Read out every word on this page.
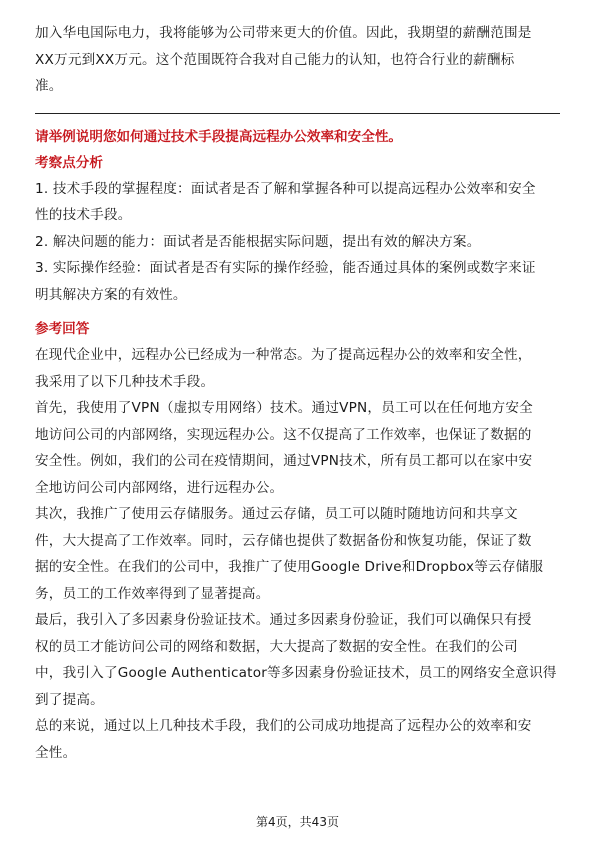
加入华电国际电力，我将能够为公司带来更大的价值。因此，我期望的薪酬范围是

XX万元到XX万元。这个范围既符合我对自己能力的认知，也符合行业的薪酬标

准。

请举例说明您如何通过技术手段提高远程办公效率和安全性。

考察点分析

1. 技术手段的掌握程度：面试者是否了解和掌握各种可以提高远程办公效率和安全

性的技术手段。

2. 解决问题的能力：面试者是否能根据实际问题，提出有效的解决方案。

3. 实际操作经验：面试者是否有实际的操作经验，能否通过具体的案例或数字来证

明其解决方案的有效性。

参考回答

在现代企业中，远程办公已经成为一种常态。为了提高远程办公的效率和安全性，

我采用了以下几种技术手段。

首先，我使用了VPN（虚拟专用网络）技术。通过VPN，员工可以在任何地方安全

地访问公司的内部网络，实现远程办公。这不仅提高了工作效率，也保证了数据的

安全性。例如，我们的公司在疫情期间，通过VPN技术，所有员工都可以在家中安

全地访问公司内部网络，进行远程办公。

其次，我推广了使用云存储服务。通过云存储，员工可以随时随地访问和共享文

件，大大提高了工作效率。同时，云存储也提供了数据备份和恢复功能，保证了数

据的安全性。在我们的公司中，我推广了使用Google Drive和Dropbox等云存储服

务，员工的工作效率得到了显著提高。

最后，我引入了多因素身份验证技术。通过多因素身份验证，我们可以确保只有授

权的员工才能访问公司的网络和数据，大大提高了数据的安全性。在我们的公司

中，我引入了Google Authenticator等多因素身份验证技术，员工的网络安全意识得

到了提高。

总的来说，通过以上几种技术手段，我们的公司成功地提高了远程办公的效率和安

全性。

第4页，共43页
